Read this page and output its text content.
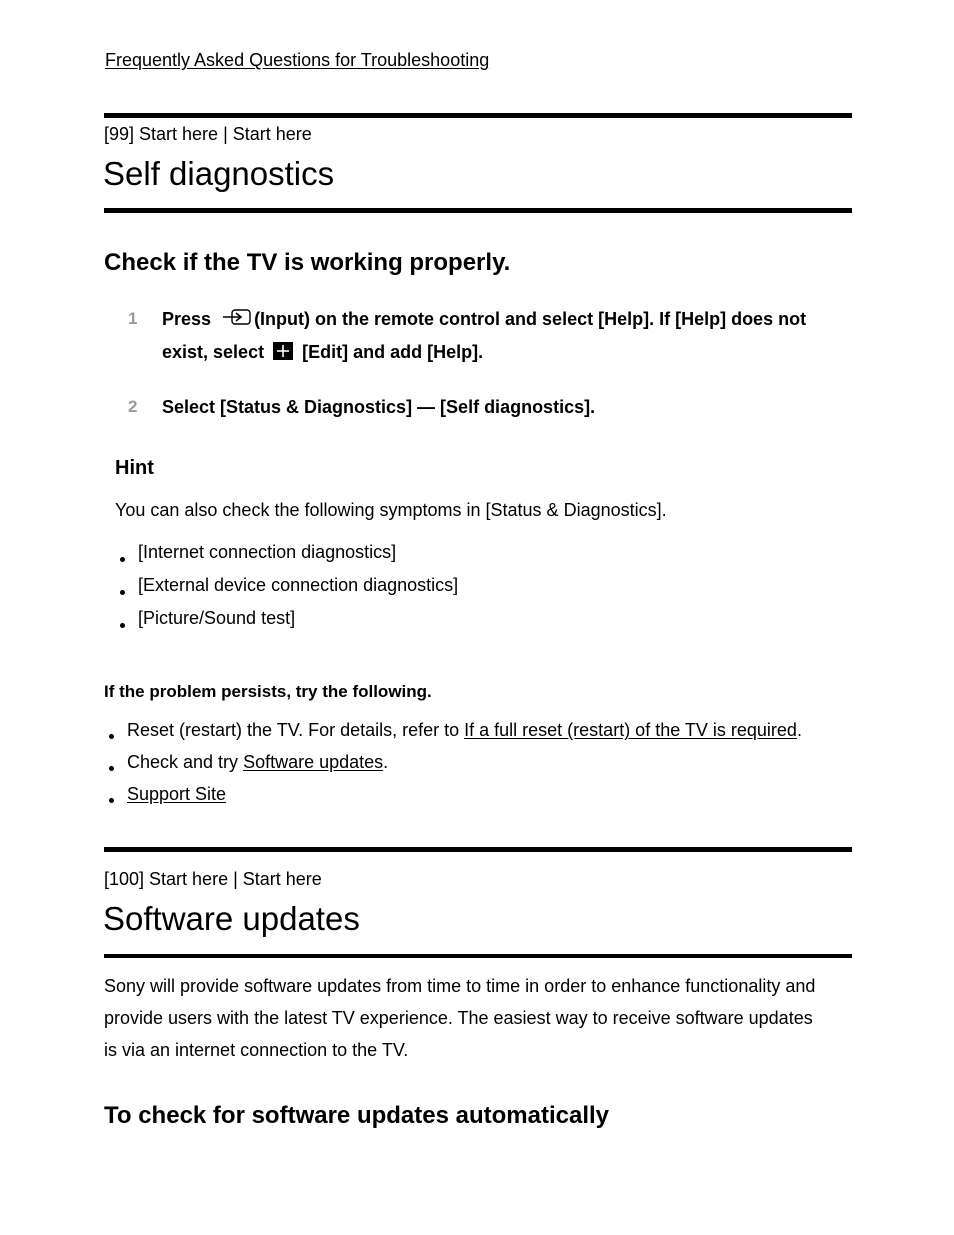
Frequently Asked Questions for Troubleshooting
[99] Start here | Start here
Self diagnostics
Check if the TV is working properly.
1 Press (Input) on the remote control and select [Help]. If [Help] does not
exist, select [Edit] and add [Help].
2 Select [Status & Diagnostics] — [Self diagnostics].
Hint
You can also check the following symptoms in [Status & Diagnostics].
[Internet connection diagnostics]
[External device connection diagnostics]
[Picture/Sound test]
If the problem persists, try the following.
Reset (restart) the TV. For details, refer to If a full reset (restart) of the TV is required.
Check and try Software updates.
Support Site
[100] Start here | Start here
Software updates
Sony will provide software updates from time to time in order to enhance functionality and
provide users with the latest TV experience. The easiest way to receive software updates
is via an internet connection to the TV.
To check for software updates automatically
